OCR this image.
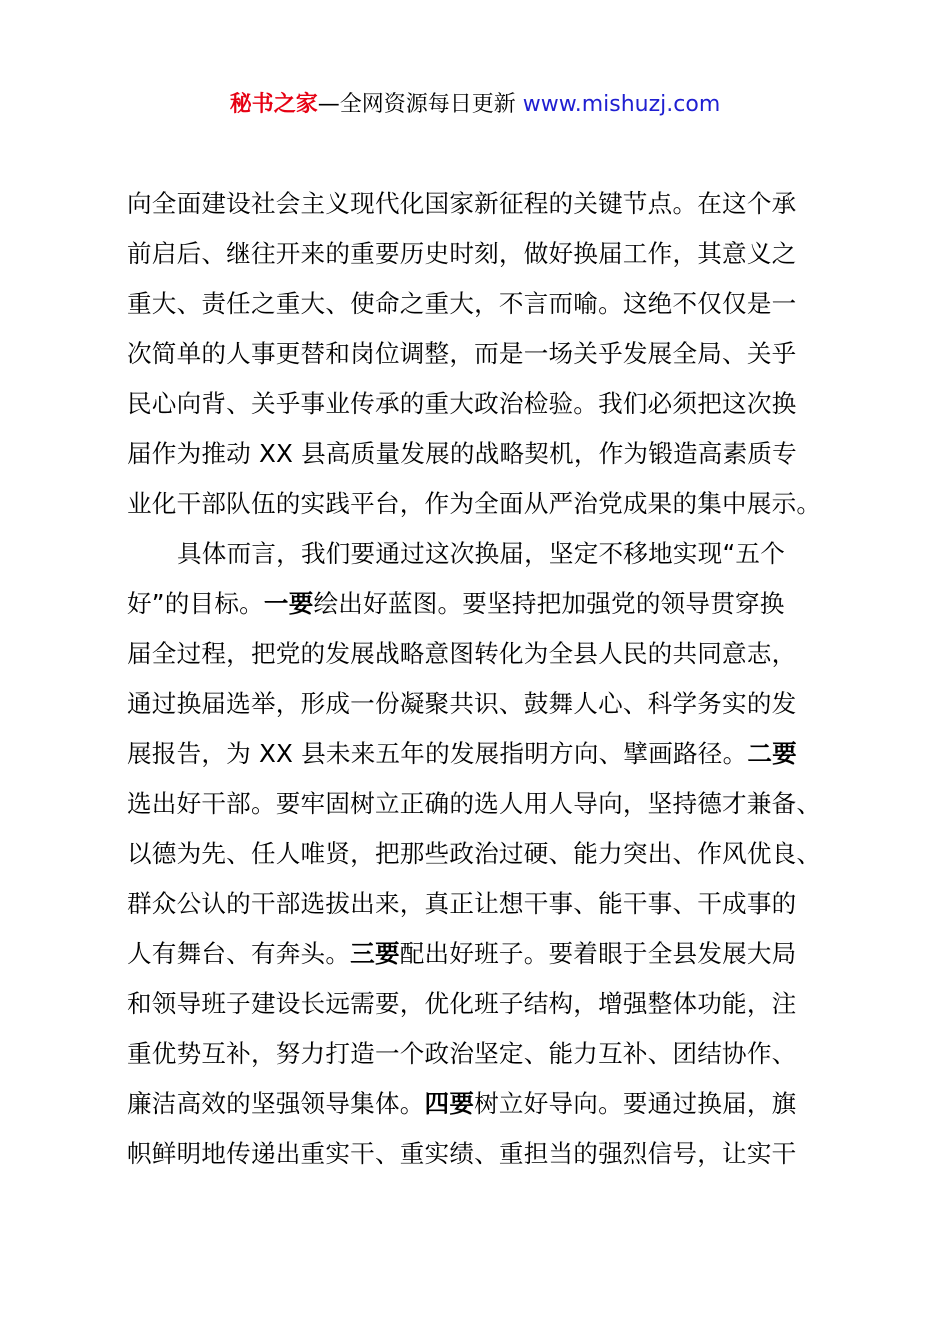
秘书之家—全网资源每日更新 www.mishuzj.com
向全面建设社会主义现代化国家新征程的关键节点。在这个承
前启后、继往开来的重要历史时刻，做好换届工作，其意义之
重大、责任之重大、使命之重大，不言而喻。这绝不仅仅是一
次简单的人事更替和岗位调整，而是一场关乎发展全局、关乎
民心向背、关乎事业传承的重大政治检验。我们必须把这次换
届作为推动 XX 县高质量发展的战略契机，作为锻造高素质专
业化干部队伍的实践平台，作为全面从严治党成果的集中展示。
具体而言，我们要通过这次换届，坚定不移地实现“五个
好”的目标。一要绘出好蓝图。要坚持把加强党的领导贯穿换
届全过程，把党的发展战略意图转化为全县人民的共同意志，
通过换届选举，形成一份凝聚共识、鼓舞人心、科学务实的发
展报告，为 XX 县未来五年的发展指明方向、擘画路径。二要
选出好干部。要牢固树立正确的选人用人导向，坚持德才兼备、
以德为先、任人唯贤，把那些政治过硬、能力突出、作风优良、
群众公认的干部选拔出来，真正让想干事、能干事、干成事的
人有舞台、有奔头。三要配出好班子。要着眼于全县发展大局
和领导班子建设长远需要，优化班子结构，增强整体功能，注
重优势互补，努力打造一个政治坚定、能力互补、团结协作、
廉洁高效的坚强领导集体。四要树立好导向。要通过换届，旗
帜鲜明地传递出重实干、重实绩、重担当的强烈信号，让实干
